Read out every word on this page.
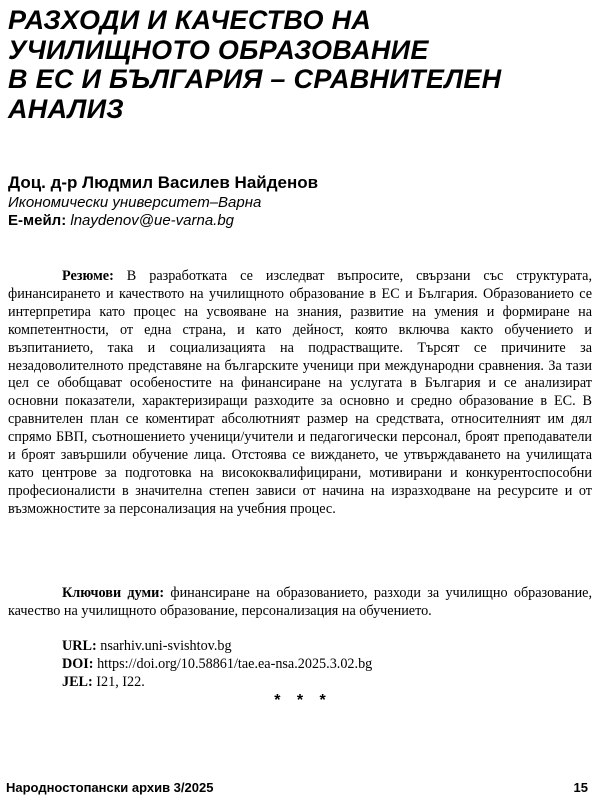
РАЗХОДИ И КАЧЕСТВО НА
УЧИЛИЩНОТО ОБРАЗОВАНИЕ
В ЕС И БЪЛГАРИЯ – СРАВНИТЕЛЕН
АНАЛИЗ
Доц. д-р Людмил Василев Найденов
Икономически университет–Варна
Е-мейл: lnaydenov@ue-varna.bg

Резюме: В разработката се изследват въпросите, свързани със структурата, финансирането и качеството на училищното образование в ЕС и България. Образованието се интерпретира като процес на усвояване на знания, развитие на умения и формиране на компетентности, от една страна, и като дейност, която включва както обучението и възпитанието, така и социализацията на подрастващите. Търсят се причините за незадоволителното представяне на българските ученици при международни сравнения. За тази цел се обобщават особеностите на финансиране на услугата в България и се анализират основни показатели, характеризиращи разходите за основно и средно образование в ЕС. В сравнителен план се коментират абсолютният размер на средствата, относителният им дял спрямо БВП, съотношението ученици/учители и педагогически персонал, броят преподаватели и броят завършили обучение лица. Отстоява се виждането, че утвърждаването на училищата като центрове за подготовка на висококвалифицирани, мотивирани и конкурентоспособни професионалисти в значителна степен зависи от начина на изразходване на ресурсите и от възможностите за персонализация на учебния процес.

Ключови думи: финансиране на образованието, разходи за училищно образование, качество на училищното образование, персонализация на обучението.

URL: nsarhiv.uni-svishtov.bg
DOI: https://doi.org/10.58861/tae.ea-nsa.2025.3.02.bg
JEL: I21, I22.
* * *
Народностопански архив 3/2025	15
